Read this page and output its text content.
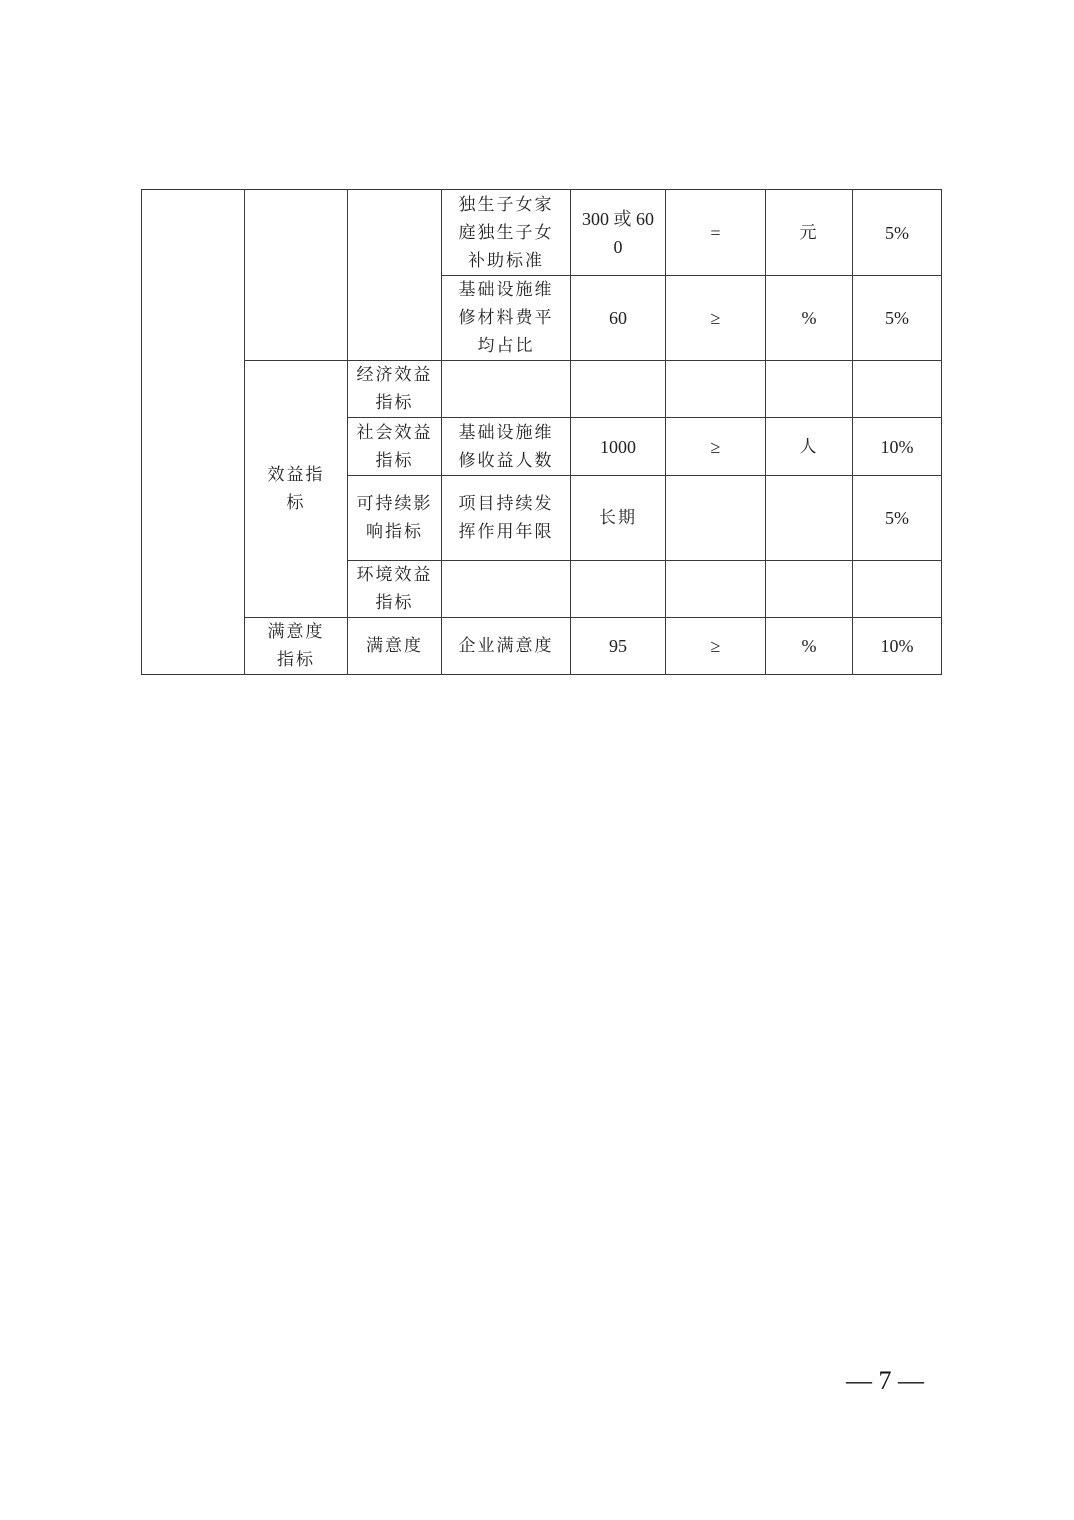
			独生子女家庭独生子女补助标准	300 或 600	=	元	5%
			基础设施维修材料费平均占比	60	≥	%	5%
	效益指标	经济效益指标					
		社会效益指标	基础设施维修收益人数	1000	≥	人	10%
		可持续影响指标	项目持续发挥作用年限	长期			5%
		环境效益指标					
	满意度指标	满意度	企业满意度	95	≥	%	10%
— 7 —
